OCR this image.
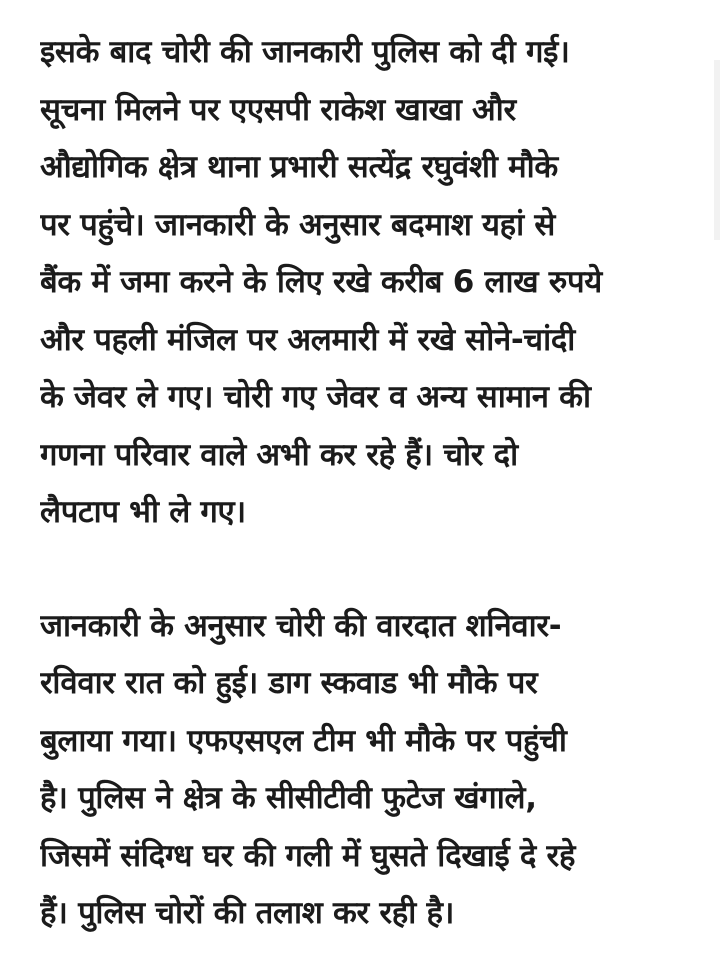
इसके बाद चोरी की जानकारी पुलिस को दी गई।
सूचना मिलने पर एएसपी राकेश खाखा और
औद्योगिक क्षेत्र थाना प्रभारी सत्येंद्र रघुवंशी मौके
पर पहुंचे। जानकारी के अनुसार बदमाश यहां से
बैंक में जमा करने के लिए रखे करीब 6 लाख रुपये
और पहली मंजिल पर अलमारी में रखे सोने-चांदी
के जेवर ले गए। चोरी गए जेवर व अन्य सामान की
गणना परिवार वाले अभी कर रहे हैं। चोर दो
लैपटाप भी ले गए।
जानकारी के अनुसार चोरी की वारदात शनिवार-
रविवार रात को हुई। डाग स्कवाड भी मौके पर
बुलाया गया। एफएसएल टीम भी मौके पर पहुंची
है। पुलिस ने क्षेत्र के सीसीटीवी फुटेज खंगाले,
जिसमें संदिग्ध घर की गली में घुसते दिखाई दे रहे
हैं। पुलिस चोरों की तलाश कर रही है।
